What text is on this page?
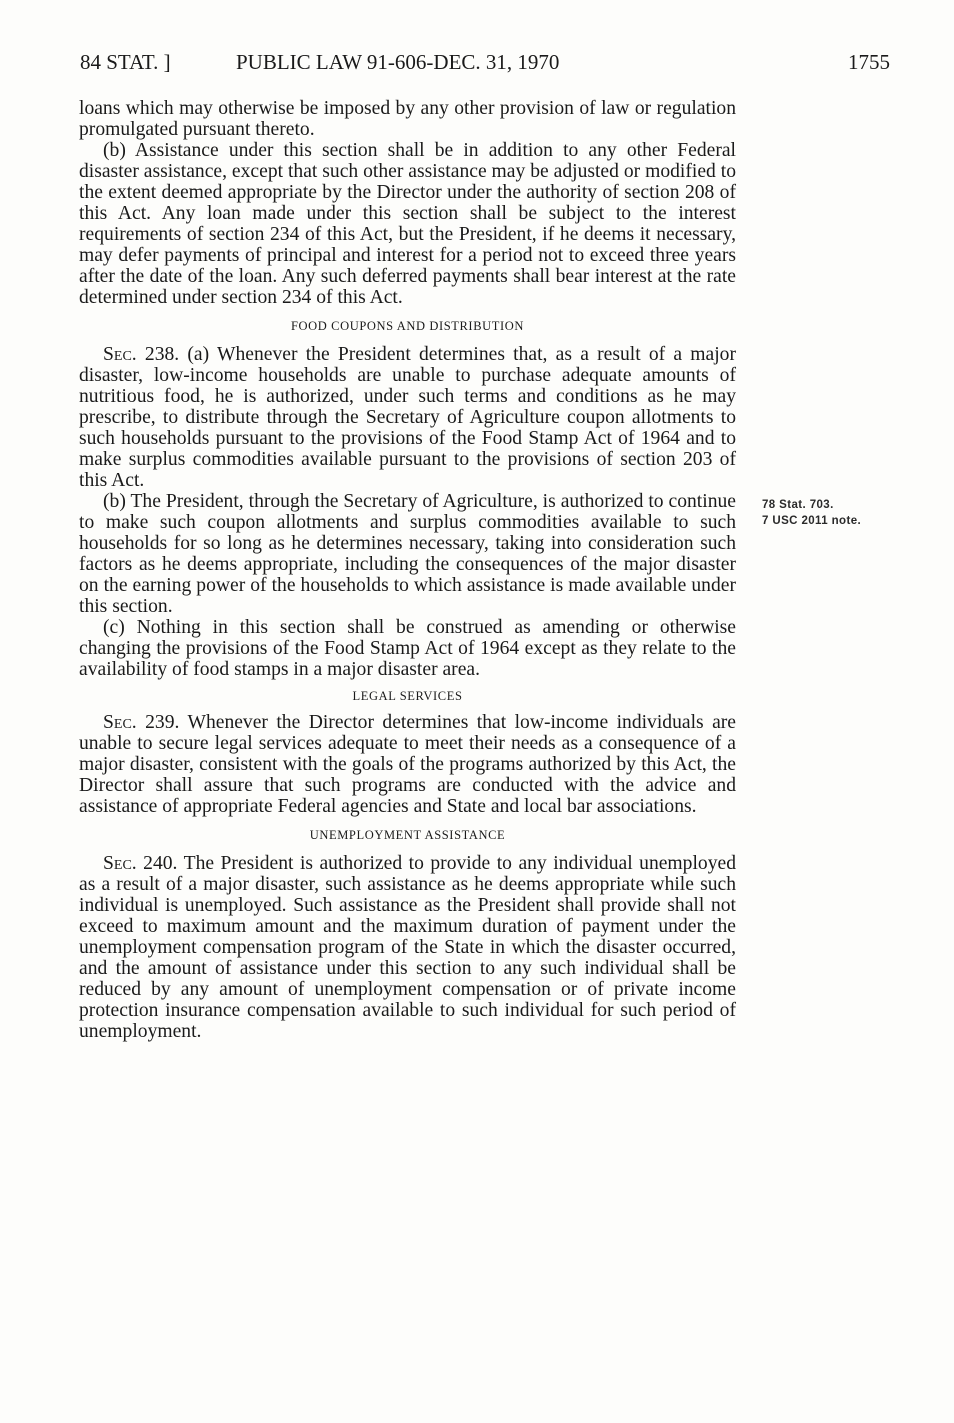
84 STAT. ]	PUBLIC LAW 91-606-DEC. 31, 1970	1755

loans which may otherwise be imposed by any other provision of law or regulation promulgated pursuant thereto.

(b) Assistance under this section shall be in addition to any other Federal disaster assistance, except that such other assistance may be adjusted or modified to the extent deemed appropriate by the Director under the authority of section 208 of this Act. Any loan made under this section shall be subject to the interest requirements of section 234 of this Act, but the President, if he deems it necessary, may defer payments of principal and interest for a period not to exceed three years after the date of the loan. Any such deferred payments shall bear interest at the rate determined under section 234 of this Act.

FOOD COUPONS AND DISTRIBUTION

Sec. 238. (a) Whenever the President determines that, as a result of a major disaster, low-income households are unable to purchase adequate amounts of nutritious food, he is authorized, under such terms and conditions as he may prescribe, to distribute through the Secretary of Agriculture coupon allotments to such households pursuant to the provisions of the Food Stamp Act of 1964 and to make surplus commodities available pursuant to the provisions of section 203 of this Act.

(b) The President, through the Secretary of Agriculture, is authorized to continue to make such coupon allotments and surplus commodities available to such households for so long as he determines necessary, taking into consideration such factors as he deems appropriate, including the consequences of the major disaster on the earning power of the households to which assistance is made available under this section.

(c) Nothing in this section shall be construed as amending or otherwise changing the provisions of the Food Stamp Act of 1964 except as they relate to the availability of food stamps in a major disaster area.

LEGAL SERVICES

Sec. 239. Whenever the Director determines that low-income individuals are unable to secure legal services adequate to meet their needs as a consequence of a major disaster, consistent with the goals of the programs authorized by this Act, the Director shall assure that such programs are conducted with the advice and assistance of appropriate Federal agencies and State and local bar associations.

UNEMPLOYMENT ASSISTANCE

Sec. 240. The President is authorized to provide to any individual unemployed as a result of a major disaster, such assistance as he deems appropriate while such individual is unemployed. Such assistance as the President shall provide shall not exceed to maximum amount and the maximum duration of payment under the unemployment compensation program of the State in which the disaster occurred, and the amount of assistance under this section to any such individual shall be reduced by any amount of unemployment compensation or of private income protection insurance compensation available to such individual for such period of unemployment.

78 Stat. 703.
7 USC 2011 note.
